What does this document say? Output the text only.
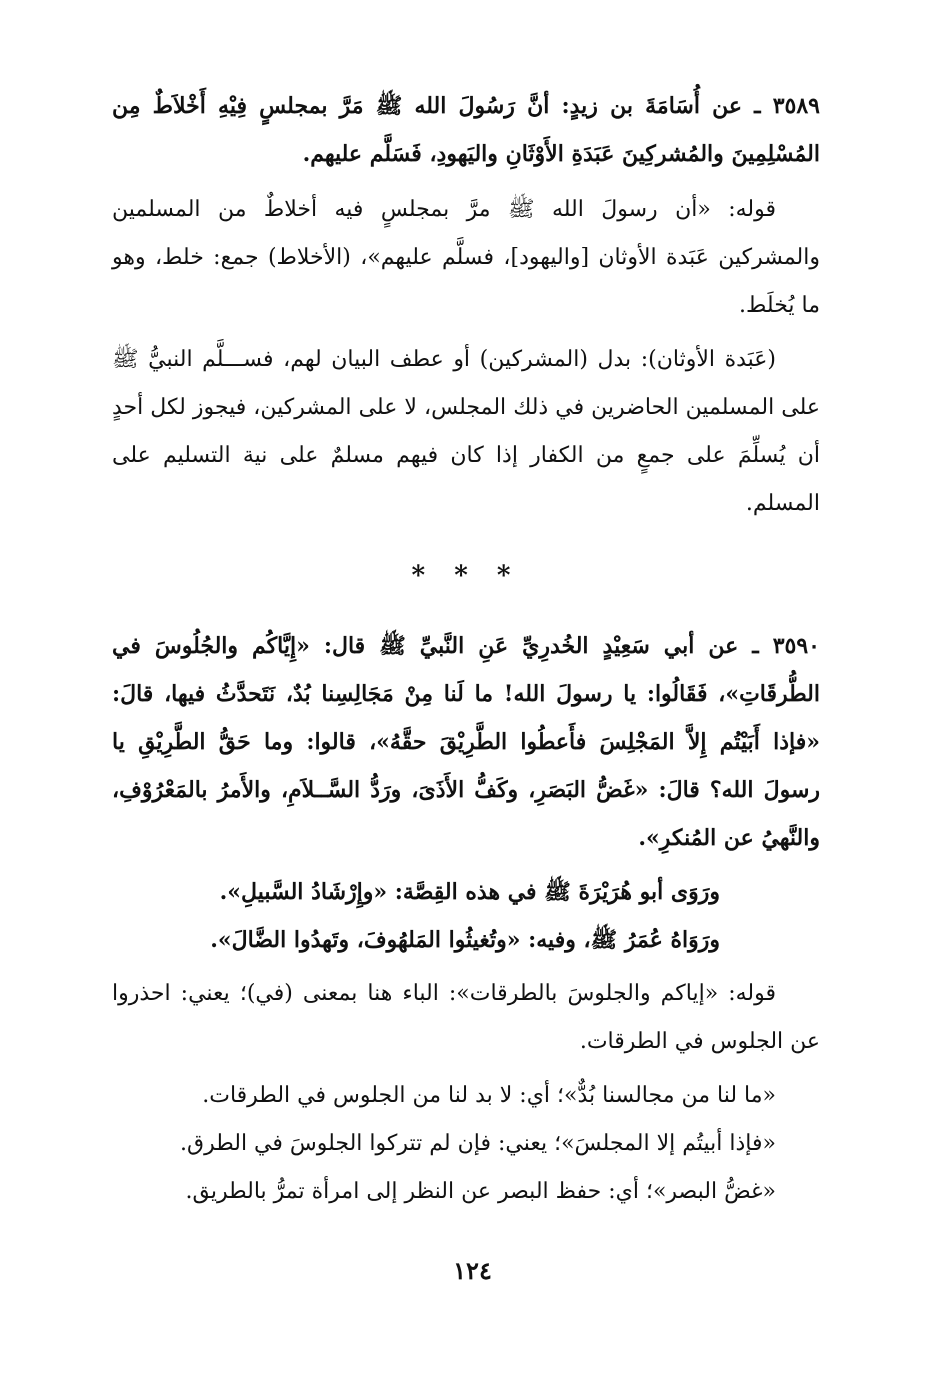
٣٥٨٩ ـ عن أُسَامَةَ بن زيدٍ: أنَّ رَسُولَ الله ﷺ مَرَّ بمجلسٍ فِيْهِ أَخْلاَطٌ مِن المُسْلِمِينَ والمُشركِينَ عَبَدَةِ الأَوْثَانِ واليَهودِ، فَسَلَّم عليهم.

قوله: «أن رسولَ الله ﷺ مرَّ بمجلسٍ فيه أخلاطٌ من المسلمين والمشركين عَبَدة الأوثان [واليهود]، فسلَّم عليهم»، (الأخلاط) جمع: خلط، وهو ما يُخلَط.

(عَبَدة الأوثان): بدل (المشركين) أو عطف البيان لهم، فســـلَّم النبيُّ ﷺ على المسلمين الحاضرين في ذلك المجلس، لا على المشركين، فيجوز لكل أحدٍ أن يُسلِّمَ على جمعٍ من الكفار إذا كان فيهم مسلمٌ على نية التسليم على المسلم.

* * *

٣٥٩٠ ـ عن أبي سَعِيْدٍ الخُدرِيِّ عَنِ النَّبيِّ ﷺ قال: «إِيَّاكُم والجُلُوسَ في الطُّرقَاتِ»، فَقَالُوا: يا رسولَ الله! ما لَنا مِنْ مَجَالِسِنا بُدٌ، نَتَحدَّثُ فيها، قالَ: «فإذا أَبَيْتُم إِلاَّ المَجْلِسَ فأَعطُوا الطَّرِيْقَ حقَّهُ»، قالوا: وما حَقُّ الطَّرِيْقِ يا رسولَ الله؟ قالَ: «غَضُّ البَصَرِ، وكَفُّ الأَذَىَ، ورَدُّ السَّــلاَمِ، والأَمرُ بالمَعْرُوْفِ، والنَّهيُ عن المُنكرِ».

ورَوَى أبو هُرَيْرَةَ ﷺ في هذه القِصَّة: «وإِرْشَادُ السَّبيلِ».

ورَوَاهُ عُمَرُ ﷺ، وفيه: «وتُغيثُوا المَلهُوفَ، وتَهدُوا الضَّالَ».

قوله: «إياكم والجلوسَ بالطرقات»: الباء هنا بمعنى (في)؛ يعني: احذروا عن الجلوس في الطرقات.

«ما لنا من مجالسنا بُدٌّ»؛ أي: لا بد لنا من الجلوس في الطرقات.

«فإذا أبيتُم إلا المجلسَ»؛ يعني: فإن لم تتركوا الجلوسَ في الطرق.

«غضُّ البصر»؛ أي: حفظ البصر عن النظر إلى امرأة تمرُّ بالطريق.

١٢٤
